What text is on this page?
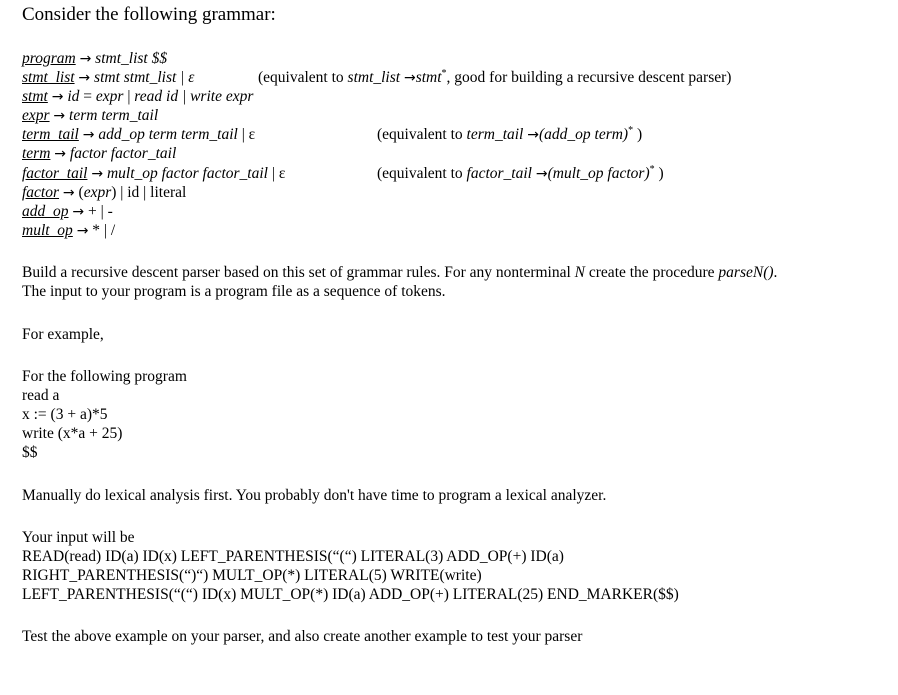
Consider the following grammar:
program → stmt_list $$
stmt_list → stmt stmt_list | ε	(equivalent to stmt_list →stmt*, good for building a recursive descent parser)
stmt → id = expr | read id | write expr
expr → term term_tail
term_tail → add_op term term_tail | ε	(equivalent to term_tail →(add_op term)* )
term → factor factor_tail
factor_tail → mult_op factor factor_tail | ε	(equivalent to factor_tail →(mult_op factor)* )
factor → (expr) | id | literal
add_op → + | -
mult_op → * | /
Build a recursive descent parser based on this set of grammar rules. For any nonterminal N create the procedure parseN().
The input to your program is a program file as a sequence of tokens.
For example,
For the following program
read a
x := (3 + a)*5
write (x*a + 25)
$$
Manually do lexical analysis first. You probably don't have time to program a lexical analyzer.
Your input will be
READ(read) ID(a) ID(x) LEFT_PARENTHESIS(“(“) LITERAL(3) ADD_OP(+) ID(a)
RIGHT_PARENTHESIS(“)“) MULT_OP(*) LITERAL(5) WRITE(write)
LEFT_PARENTHESIS(“(“) ID(x) MULT_OP(*) ID(a) ADD_OP(+) LITERAL(25) END_MARKER($$)
Test the above example on your parser, and also create another example to test your parser
